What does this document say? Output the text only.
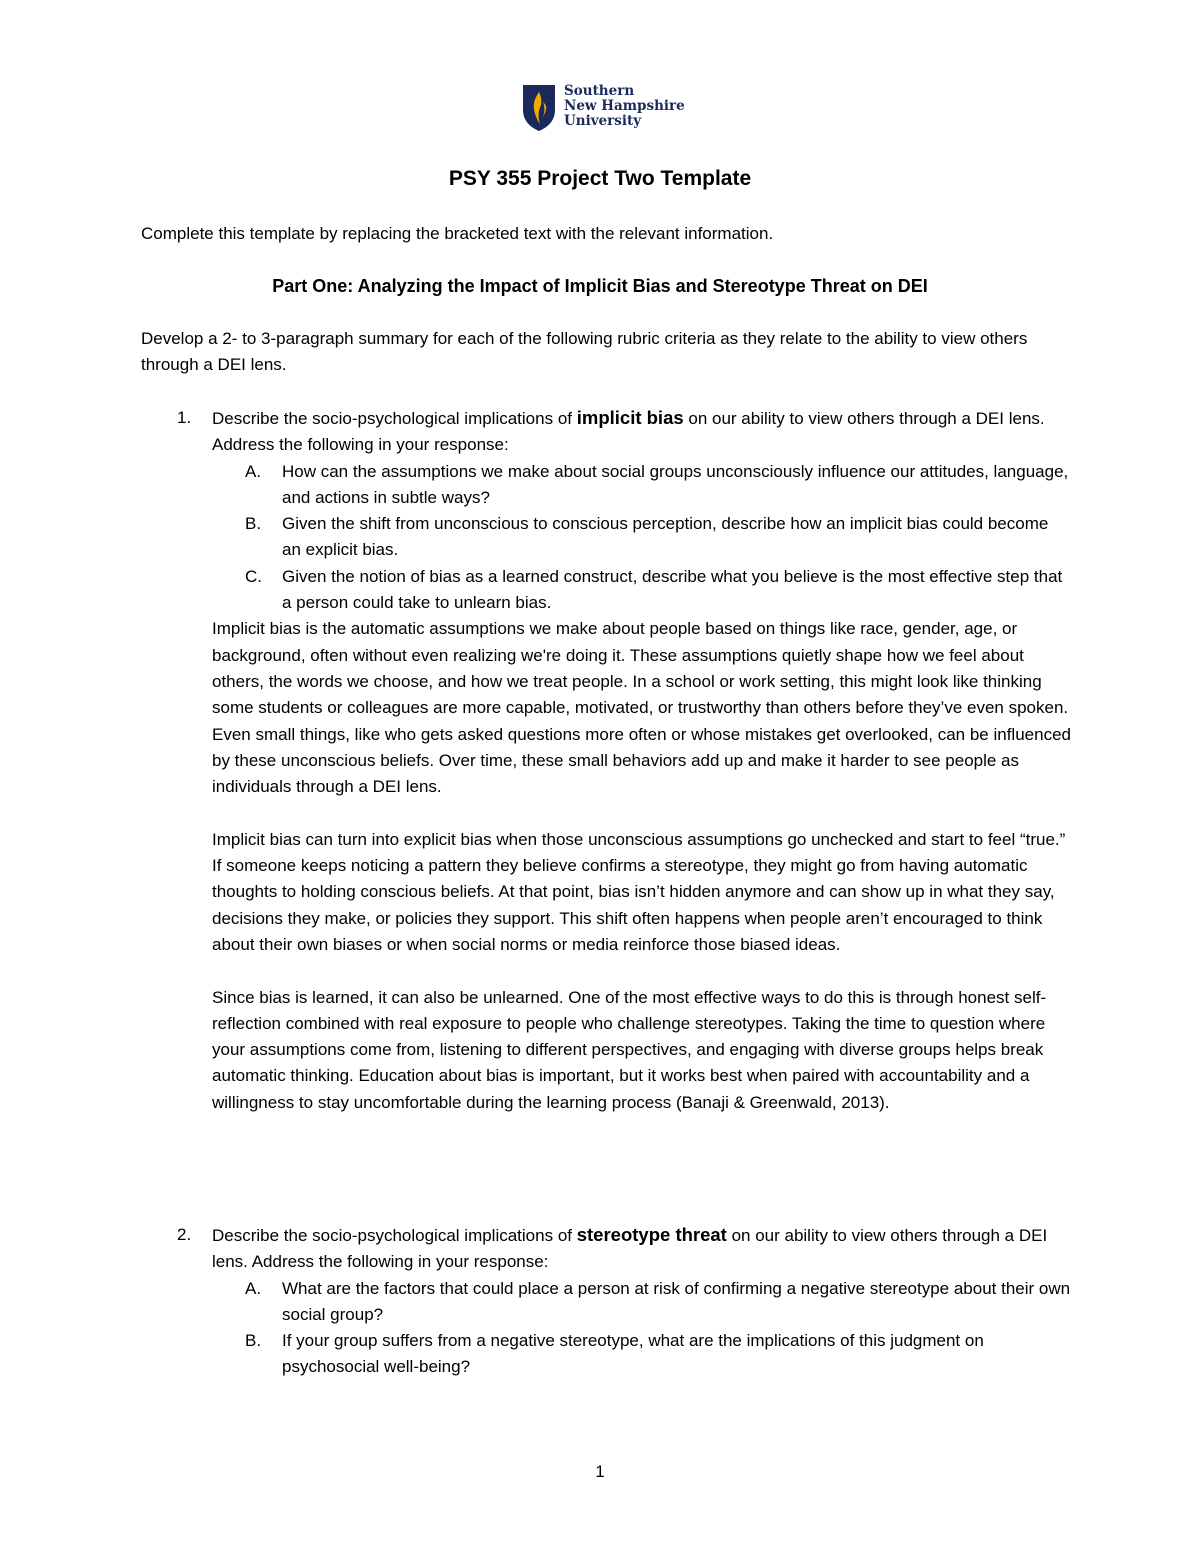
Southern
New Hampshire
University
PSY 355 Project Two Template
Complete this template by replacing the bracketed text with the relevant information.
Part One: Analyzing the Impact of Implicit Bias and Stereotype Threat on DEI
Develop a 2- to 3-paragraph summary for each of the following rubric criteria as they relate to the ability to view others through a DEI lens.
1. Describe the socio-psychological implications of implicit bias on our ability to view others through a DEI lens. Address the following in your response:
A. How can the assumptions we make about social groups unconsciously influence our attitudes, language, and actions in subtle ways?
B. Given the shift from unconscious to conscious perception, describe how an implicit bias could become an explicit bias.
C. Given the notion of bias as a learned construct, describe what you believe is the most effective step that a person could take to unlearn bias.

Implicit bias is the automatic assumptions we make about people based on things like race, gender, age, or background, often without even realizing we're doing it. These assumptions quietly shape how we feel about others, the words we choose, and how we treat people. In a school or work setting, this might look like thinking some students or colleagues are more capable, motivated, or trustworthy than others before they’ve even spoken. Even small things, like who gets asked questions more often or whose mistakes get overlooked, can be influenced by these unconscious beliefs. Over time, these small behaviors add up and make it harder to see people as individuals through a DEI lens.

Implicit bias can turn into explicit bias when those unconscious assumptions go unchecked and start to feel “true.” If someone keeps noticing a pattern they believe confirms a stereotype, they might go from having automatic thoughts to holding conscious beliefs. At that point, bias isn’t hidden anymore and can show up in what they say, decisions they make, or policies they support. This shift often happens when people aren’t encouraged to think about their own biases or when social norms or media reinforce those biased ideas.

Since bias is learned, it can also be unlearned. One of the most effective ways to do this is through honest self-reflection combined with real exposure to people who challenge stereotypes. Taking the time to question where your assumptions come from, listening to different perspectives, and engaging with diverse groups helps break automatic thinking. Education about bias is important, but it works best when paired with accountability and a willingness to stay uncomfortable during the learning process (Banaji & Greenwald, 2013).

2. Describe the socio-psychological implications of stereotype threat on our ability to view others through a DEI lens. Address the following in your response:
A. What are the factors that could place a person at risk of confirming a negative stereotype about their own social group?
B. If your group suffers from a negative stereotype, what are the implications of this judgment on psychosocial well-being?
1
